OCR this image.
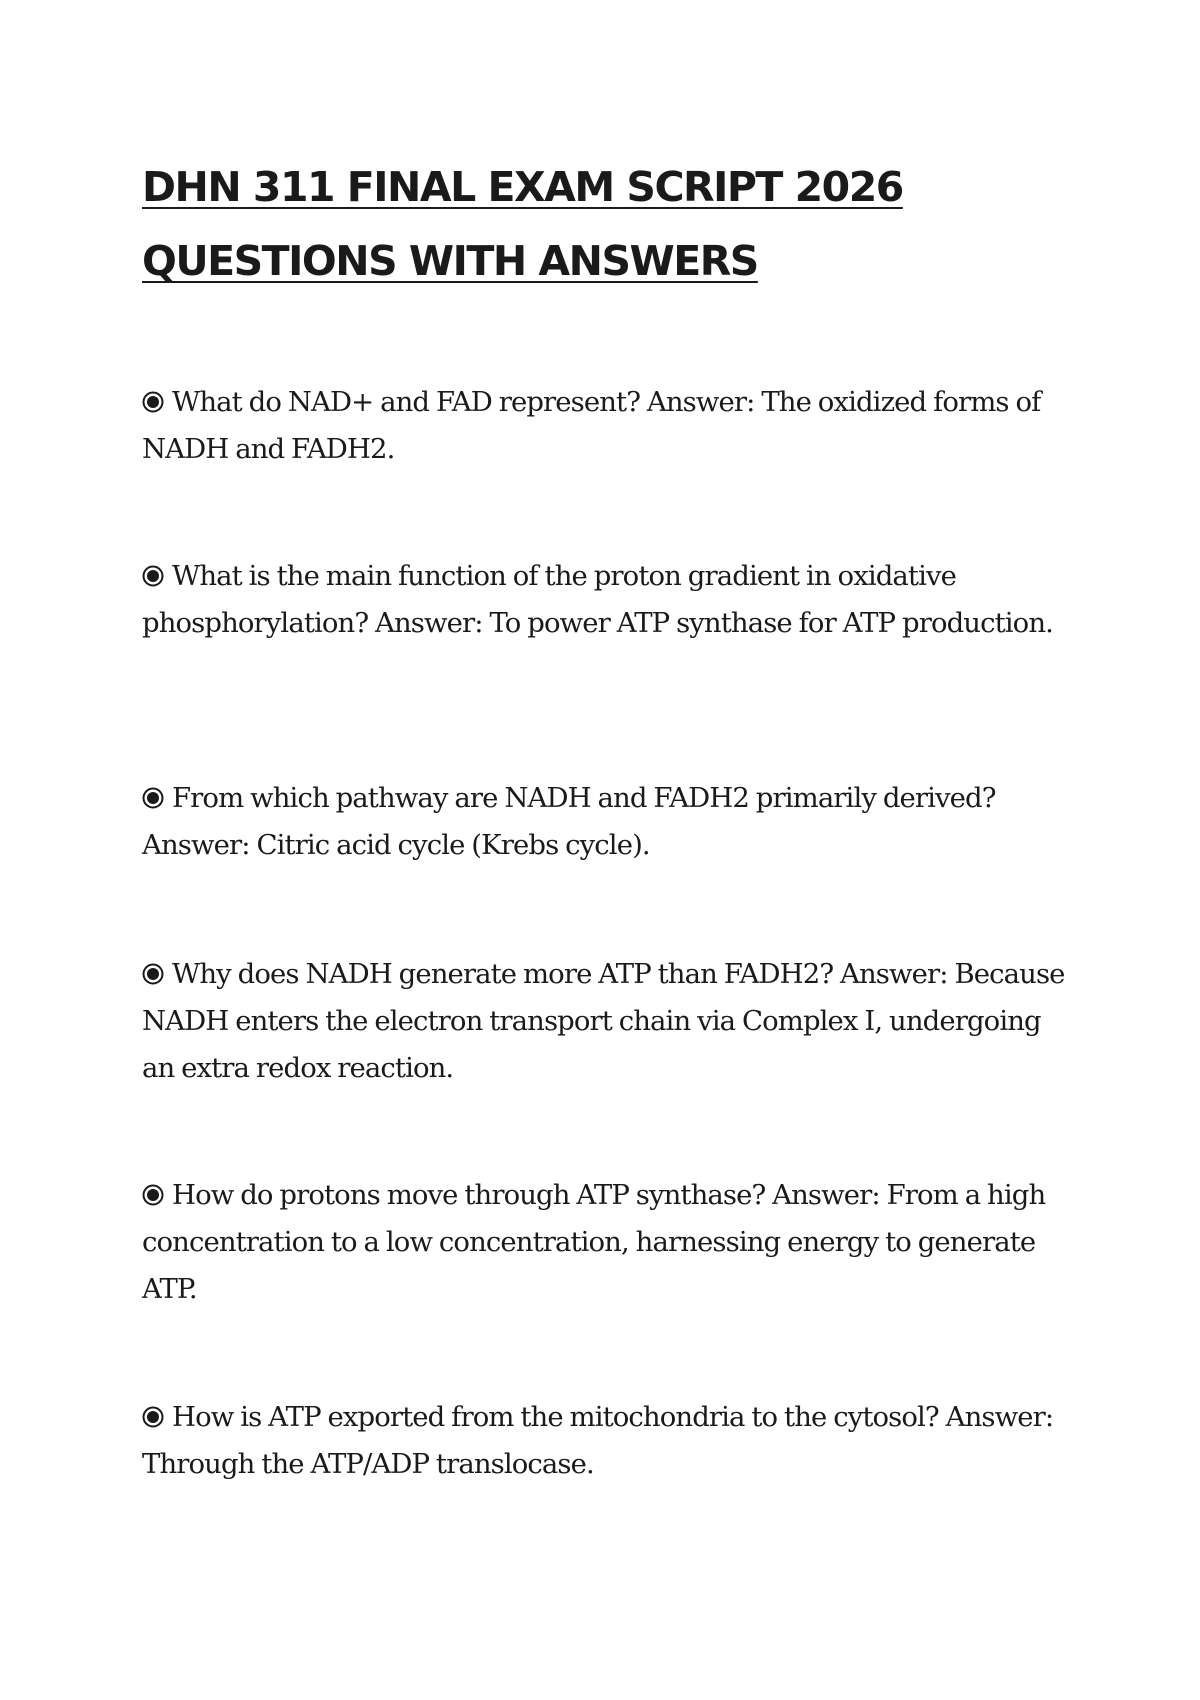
DHN 311 FINAL EXAM SCRIPT 2026 QUESTIONS WITH ANSWERS
What do NAD+ and FAD represent? Answer: The oxidized forms of NADH and FADH2.
What is the main function of the proton gradient in oxidative phosphorylation? Answer: To power ATP synthase for ATP production.
From which pathway are NADH and FADH2 primarily derived? Answer: Citric acid cycle (Krebs cycle).
Why does NADH generate more ATP than FADH2? Answer: Because NADH enters the electron transport chain via Complex I, undergoing an extra redox reaction.
How do protons move through ATP synthase? Answer: From a high concentration to a low concentration, harnessing energy to generate ATP.
How is ATP exported from the mitochondria to the cytosol? Answer: Through the ATP/ADP translocase.
